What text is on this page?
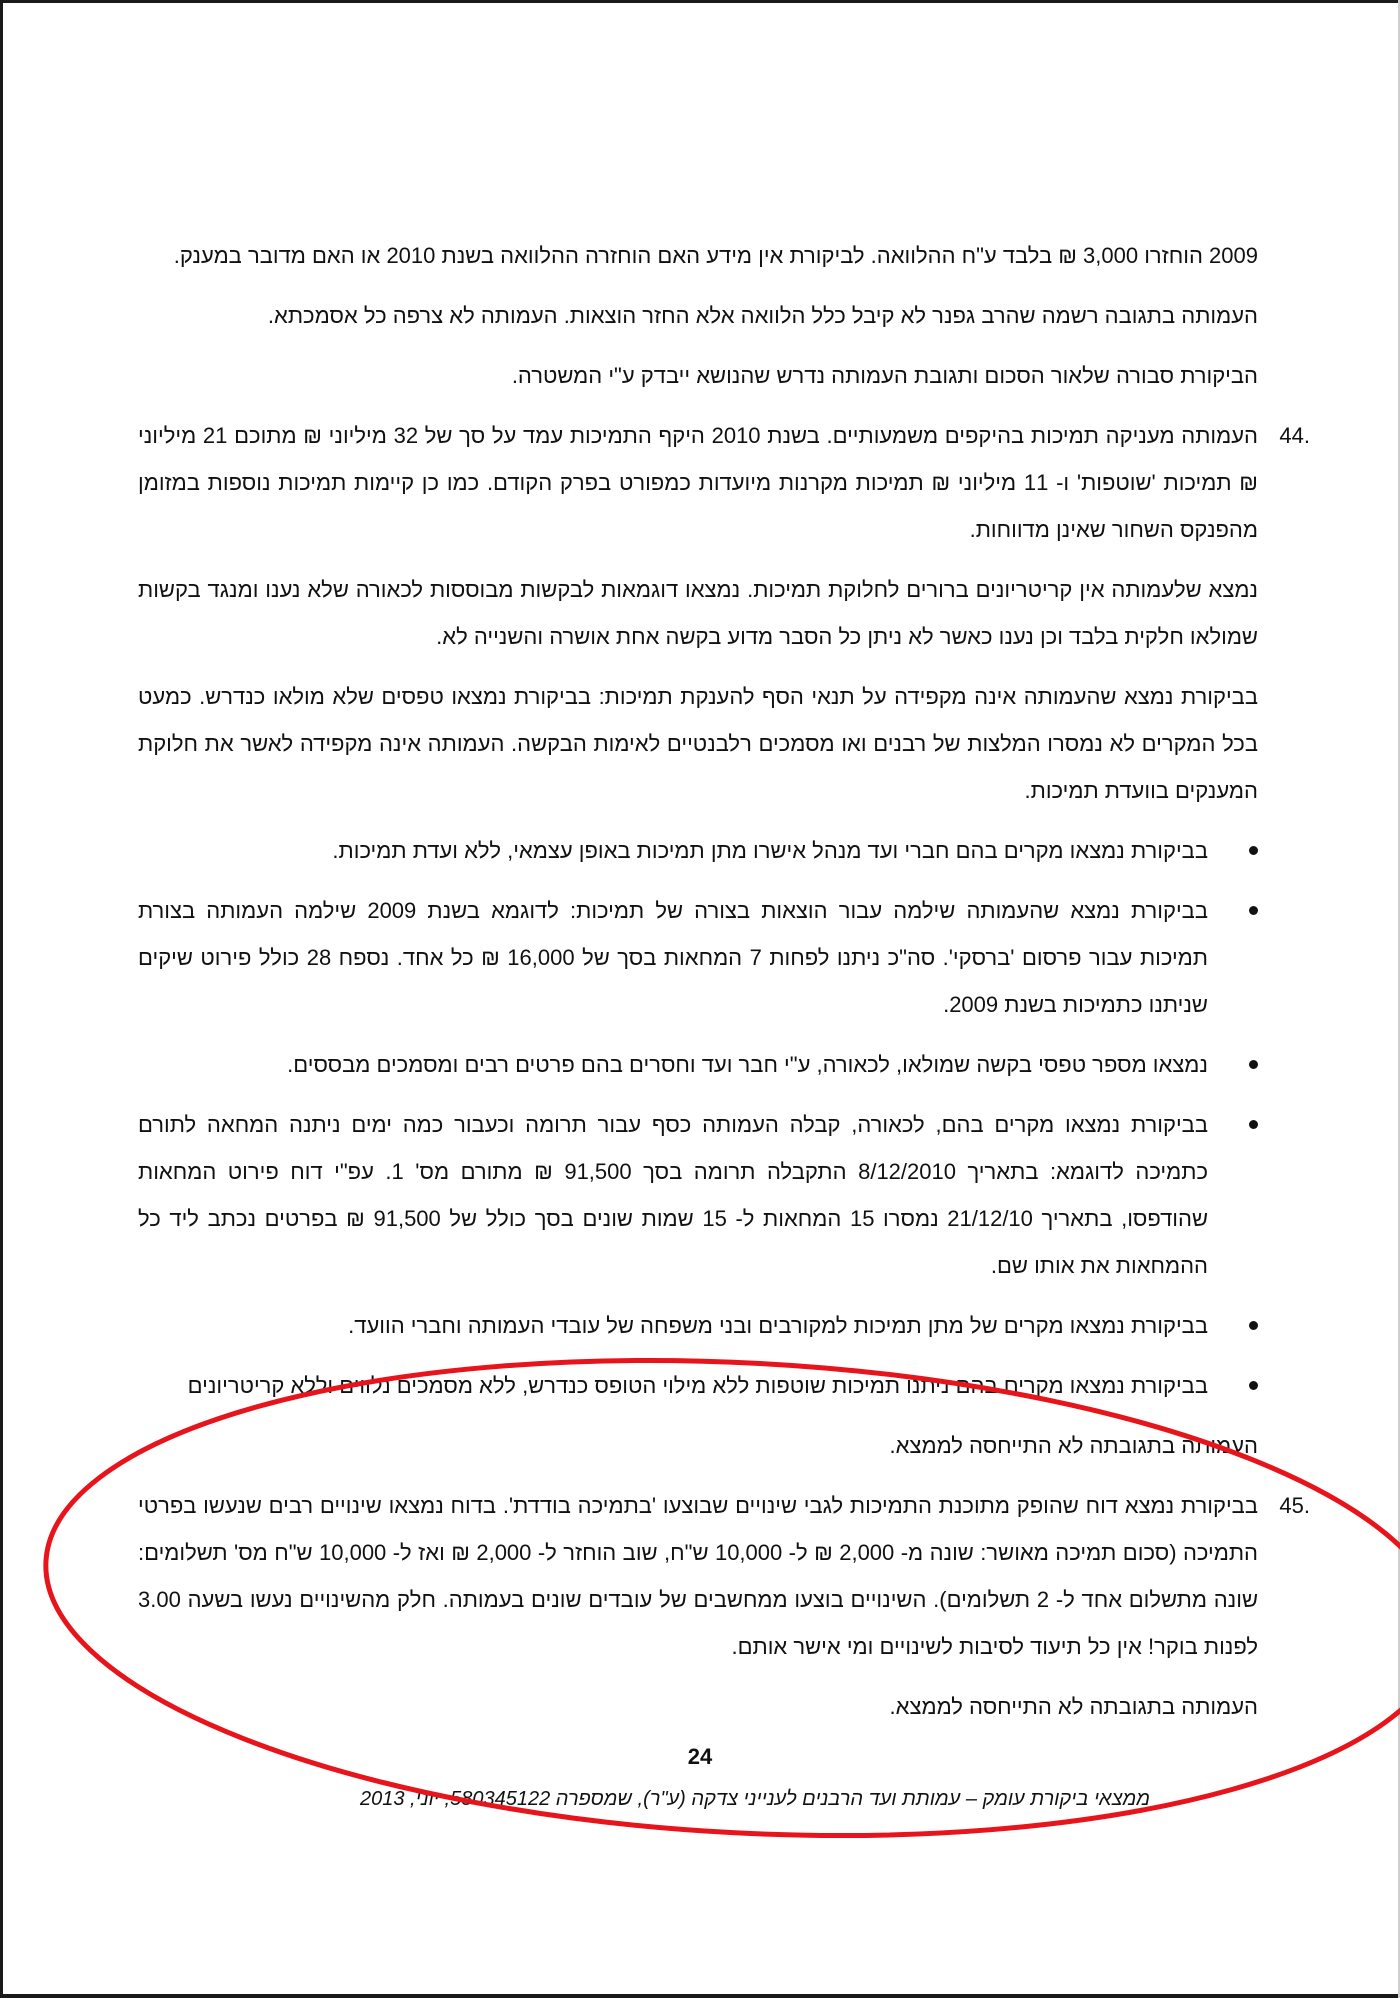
2009 הוחזרו 3,000 ₪ בלבד ע"ח ההלוואה. לביקורת אין מידע האם הוחזרה ההלוואה בשנת 2010 או האם מדובר במענק.

העמותה בתגובה רשמה שהרב גפנר לא קיבל כלל הלוואה אלא החזר הוצאות. העמותה לא צרפה כל אסמכתא.

הביקורת סבורה שלאור הסכום ותגובת העמותה נדרש שהנושא ייבדק ע"י המשטרה.

44.
העמותה מעניקה תמיכות בהיקפים משמעותיים. בשנת 2010 היקף התמיכות עמד על סך של 32 מיליוני ₪ מתוכם 21 מיליוני ₪ תמיכות 'שוטפות' ו- 11 מיליוני ₪ תמיכות מקרנות מיועדות כמפורט בפרק הקודם. כמו כן קיימות תמיכות נוספות במזומן מהפנקס השחור שאינן מדווחות.

נמצא שלעמותה אין קריטריונים ברורים לחלוקת תמיכות. נמצאו דוגמאות לבקשות מבוססות לכאורה שלא נענו ומנגד בקשות שמולאו חלקית בלבד וכן נענו כאשר לא ניתן כל הסבר מדוע בקשה אחת אושרה והשנייה לא.

בביקורת נמצא שהעמותה אינה מקפידה על תנאי הסף להענקת תמיכות: בביקורת נמצאו טפסים שלא מולאו כנדרש. כמעט בכל המקרים לא נמסרו המלצות של רבנים ואו מסמכים רלבנטיים לאימות הבקשה. העמותה אינה מקפידה לאשר את חלוקת המענקים בוועדת תמיכות.

בביקורת נמצאו מקרים בהם חברי ועד מנהל אישרו מתן תמיכות באופן עצמאי, ללא ועדת תמיכות.
בביקורת נמצא שהעמותה שילמה עבור הוצאות בצורה של תמיכות: לדוגמא בשנת 2009 שילמה העמותה בצורת תמיכות עבור פרסום 'ברסקי'. סה"כ ניתנו לפחות 7 המחאות בסך של 16,000 ₪ כל אחד. נספח 28 כולל פירוט שיקים שניתנו כתמיכות בשנת 2009.
נמצאו מספר טפסי בקשה שמולאו, לכאורה, ע"י חבר ועד וחסרים בהם פרטים רבים ומסמכים מבססים.
בביקורת נמצאו מקרים בהם, לכאורה, קבלה העמותה כסף עבור תרומה וכעבור כמה ימים ניתנה המחאה לתורם כתמיכה לדוגמא: בתאריך 8/12/2010 התקבלה תרומה בסך 91,500 ₪ מתורם מס' 1. עפ"י דוח פירוט המחאות שהודפסו, בתאריך 21/12/10 נמסרו 15 המחאות ל- 15 שמות שונים בסך כולל של 91,500 ₪ בפרטים נכתב ליד כל ההמחאות את אותו שם.
בביקורת נמצאו מקרים של מתן תמיכות למקורבים ובני משפחה של עובדי העמותה וחברי הוועד.
בביקורת נמצאו מקרים בהם ניתנו תמיכות שוטפות ללא מילוי הטופס כנדרש, ללא מסמכים נלווים וללא קריטריונים

העמותה בתגובתה לא התייחסה לממצא.

45.
בביקורת נמצא דוח שהופק מתוכנת התמיכות לגבי שינויים שבוצעו 'בתמיכה בודדת'. בדוח נמצאו שינויים רבים שנעשו בפרטי התמיכה (סכום תמיכה מאושר: שונה מ- 2,000 ₪ ל- 10,000 ש"ח, שוב הוחזר ל- 2,000 ₪ ואז ל- 10,000 ש"ח מס' תשלומים: שונה מתשלום אחד ל- 2 תשלומים). השינויים בוצעו ממחשבים של עובדים שונים בעמותה. חלק מהשינויים נעשו בשעה 3.00 לפנות בוקר! אין כל תיעוד לסיבות לשינויים ומי אישר אותם.

העמותה בתגובתה לא התייחסה לממצא.

24
ממצאי ביקורת עומק – עמותת ועד הרבנים לענייני צדקה (ע"ר), שמספרה 580345122, יוני, 2013
